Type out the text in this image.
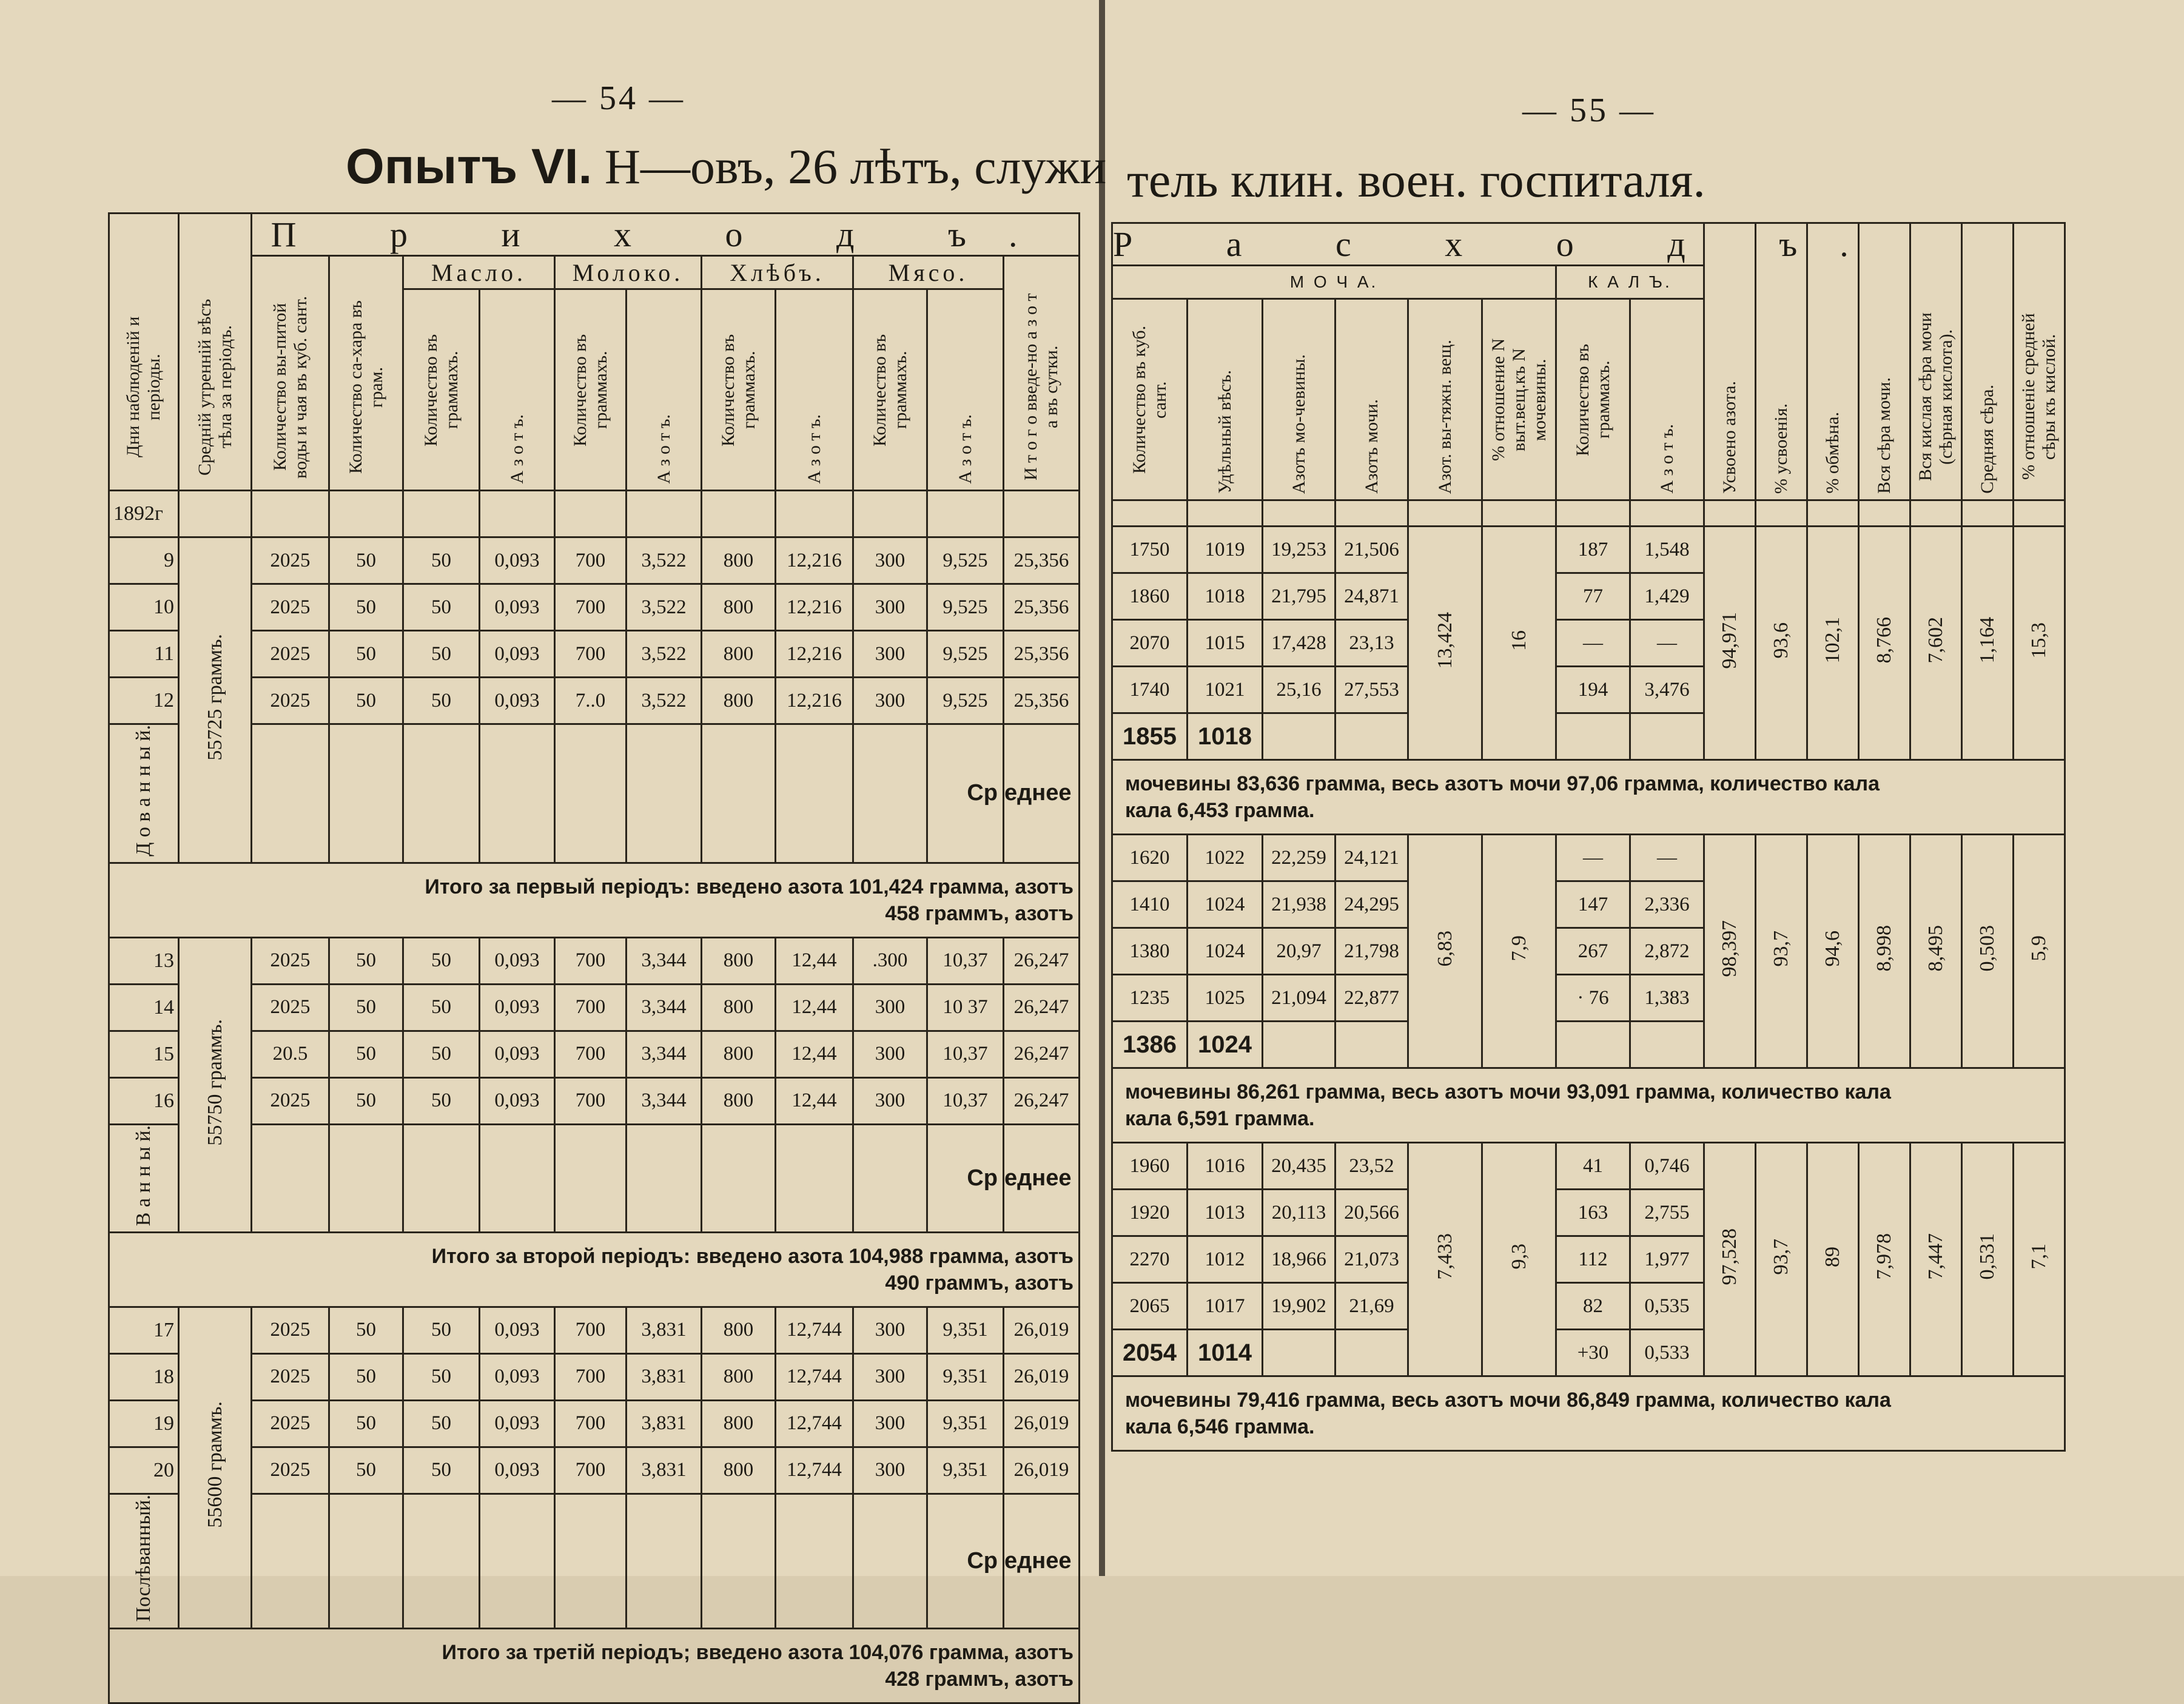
— 54 —	— 55 —
Опытъ VI. Н—овъ, 26 лѣтъ, служи тель клин. воен. госпиталя.
Дни наблюденiй и перiоды.	Средній утренній вѣсъ тѣла за періодъ.	П р и х о д ъ.										
		Количество вы-питой воды и чая въ куб. сант.	Количество са-хара въ грам.	Масло.		Молоко.		Хлѣбъ.		Мясо.		И т о г о введе-но а з о т а въ сутки.
				Количество въ граммахъ.	А з о т ъ.	Количество въ граммахъ.	А з о т ъ.	Количество въ граммахъ.	А з о т ъ.	Количество въ граммахъ.	А з о т ъ.	
1892г												
9	55725 граммъ.	2025	50	50	0,093	700	3,522	800	12,216	300	9,525	25,356
10		2025	50	50	0,093	700	3,522	800	12,216	300	9,525	25,356
11		2025	50	50	0,093	700	3,522	800	12,216	300	9,525	25,356
12		2025	50	50	0,093	7..0	3,522	800	12,216	300	9,525	25,356
Д о в а н н ы й.											Ср	еднее

Итого за первый періодъ: введено азота 101,424 грамма, азотъ
458 граммъ, азотъ												

13	55750 граммъ.	2025	50	50	0,093	700	3,344	800	12,44	.300	10,37	26,247
14		2025	50	50	0,093	700	3,344	800	12,44	300	10 37	26,247
15		20.5	50	50	0,093	700	3,344	800	12,44	300	10,37	26,247
16		2025	50	50	0,093	700	3,344	800	12,44	300	10,37	26,247
В а н н ы й.											Ср	еднее

Итого за второй періодъ: введено азота 104,988 грамма, азотъ
490 граммъ, азотъ												

17	55600 граммъ.	2025	50	50	0,093	700	3,831	800	12,744	300	9,351	26,019
18		2025	50	50	0,093	700	3,831	800	12,744	300	9,351	26,019
19		2025	50	50	0,093	700	3,831	800	12,744	300	9,351	26,019
20		2025	50	50	0,093	700	3,831	800	12,744	300	9,351	26,019
Послѣванный.											Ср	еднее

Итого за третій періодъ; введено азота 104,076 грамма, азотъ
428 граммъ, азотъ												
Р а с х о д ъ.								Усвоено азота.	% усвоенія.	% обмѣна.	Вся сѣра мочи.	Вся кислая сѣра мочи (сѣрная кислота).	Средняя сѣра.	% отношеніе средней сѣры къ кислой.
М О Ч А.						К А Л Ъ.								
Количество въ куб. сант.	Удѣльный вѣсъ.	Азотъ мо-чевины.	Азотъ мочи.	Азот. вы-тяжн. вещ.	% отношение N выт.вещ.къ N мочевины.	Количество въ граммахъ.	А з о т ъ.							

1750	1019	19,253	21,506	13,424	16	187	1,548	94,971	93,6	102,1	8,766	7,602	1,164	15,3
1860	1018	21,795	24,871			77	1,429							
2070	1015	17,428	23,13			—	—							
1740	1021	25,16	27,553			194	3,476							
1855	1018													

мочевины 83,636 грамма, весь азотъ мочи 97,06 грамма, количество кала
кала 6,453 грамма.														

1620	1022	22,259	24,121	6,83	7,9	—	—	98,397	93,7	94,6	8,998	8,495	0,503	5,9
1410	1024	21,938	24,295			147	2,336							
1380	1024	20,97	21,798			267	2,872							
1235	1025	21,094	22,877			· 76	1,383							
1386	1024													

мочевины 86,261 грамма, весь азотъ мочи 93,091 грамма, количество кала
кала 6,591 грамма.														

1960	1016	20,435	23,52	7,433	9,3	41	0,746	97,528	93,7	89	7,978	7,447	0,531	7,1
1920	1013	20,113	20,566			163	2,755							
2270	1012	18,966	21,073			112	1,977							
2065	1017	19,902	21,69			82	0,535							
2054	1014					+30	0,533							

мочевины 79,416 грамма, весь азотъ мочи 86,849 грамма, количество кала
кала 6,546 грамма.														
